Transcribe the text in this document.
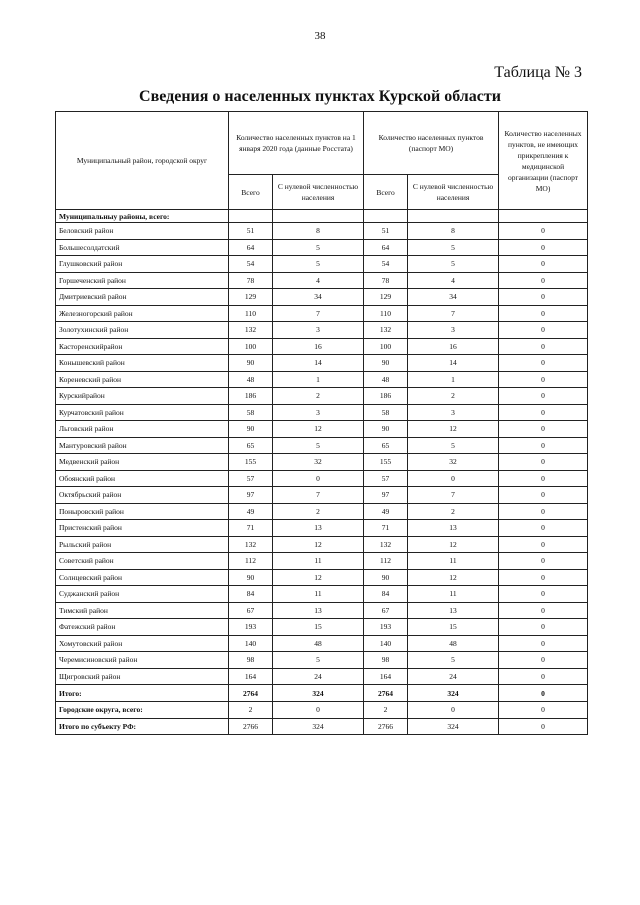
38
Таблица № 3
Сведения о населенных пунктах Курской области
Муниципальный район, городской округ	Количество населенных пунктов на 1 января 2020 года (данные Росстата)		Количество населенных пунктов (паспорт МО)		Количество населенных пунктов, не имеющих прикрепления к медицинской организации (паспорт МО)
	Всего	С нулевой численностью населения	Всего	С нулевой численностью населения	
Муниципальныу районы, всего:					
Беловский район	51	8	51	8	0
Большесолдатский	64	5	64	5	0
Глушковский район	54	5	54	5	0
Горшеченский район	78	4	78	4	0
Дмитриевский район	129	34	129	34	0
Железногорский район	110	7	110	7	0
Золотухинский район	132	3	132	3	0
Касторенскийрайон	100	16	100	16	0
Конышевский район	90	14	90	14	0
Кореневский район	48	1	48	1	0
Курскийрайон	186	2	186	2	0
Курчатовский район	58	3	58	3	0
Льговский район	90	12	90	12	0
Мантуровский район	65	5	65	5	0
Медвенский район	155	32	155	32	0
Обоянский район	57	0	57	0	0
Октябрьский район	97	7	97	7	0
Поныровский район	49	2	49	2	0
Пристенский район	71	13	71	13	0
Рыльский район	132	12	132	12	0
Советский район	112	11	112	11	0
Солнцевский район	90	12	90	12	0
Суджанский район	84	11	84	11	0
Тимский район	67	13	67	13	0
Фатежский район	193	15	193	15	0
Хомутовский район	140	48	140	48	0
Черемисиновский район	98	5	98	5	0
Щигровский район	164	24	164	24	0
Итого:	2764	324	2764	324	0
Городские округа, всего:	2	0	2	0	0
Итого по субъекту РФ:	2766	324	2766	324	0
